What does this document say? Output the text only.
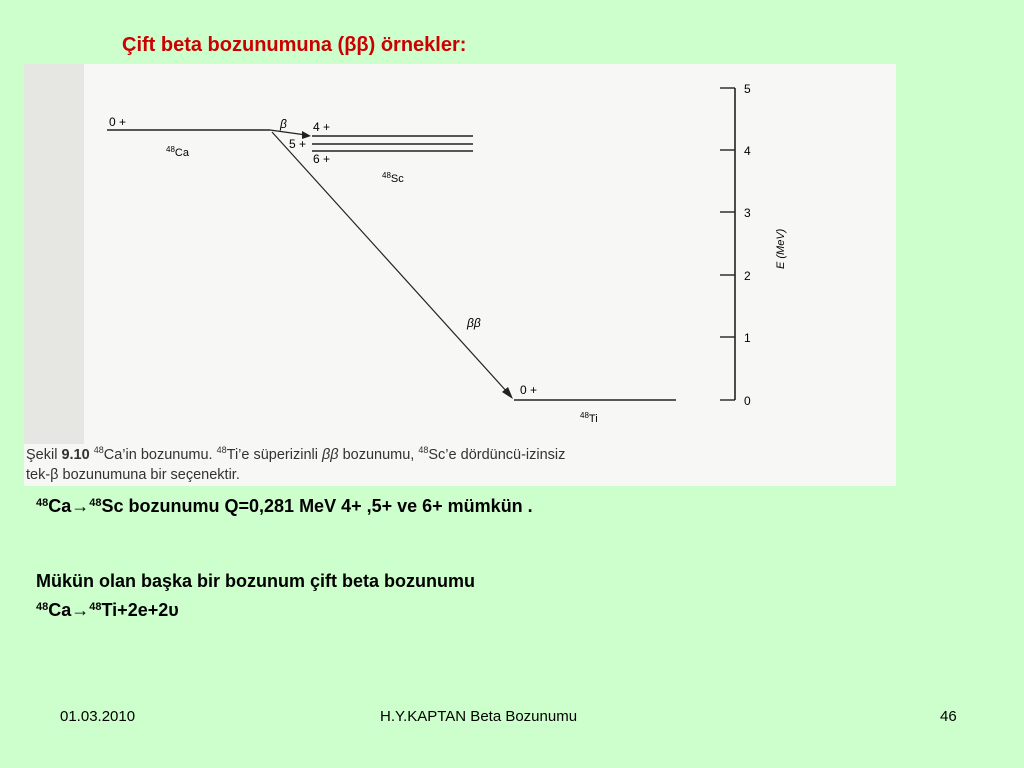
Çift beta bozunumuna (ββ) örnekler:
0 +
$^{48}$Ca
β 4 +
5 +
6 +
$^{48}$Sc
ββ
0 +
$^{48}$Ti
5
4
3
2
1
0
E (MeV)
Şekil 9.10 $^{48}$Ca’in bozunumu. $^{48}$Ti’e süperizinli ββ bozunumu, $^{48}$Sc’e dördüncü-izinsiz
tek-β bozunumuna bir seçenektir.
$^{48}$Ca→$^{48}$Sc bozunumu Q=0,281 MeV 4+ ,5+ ve 6+ mümkün .
Mükün olan başka bir bozunum çift beta bozunumu
$^{48}$Ca→$^{48}$Ti+2e+2υ
01.03.2010	H.Y.KAPTAN Beta Bozunumu	46
